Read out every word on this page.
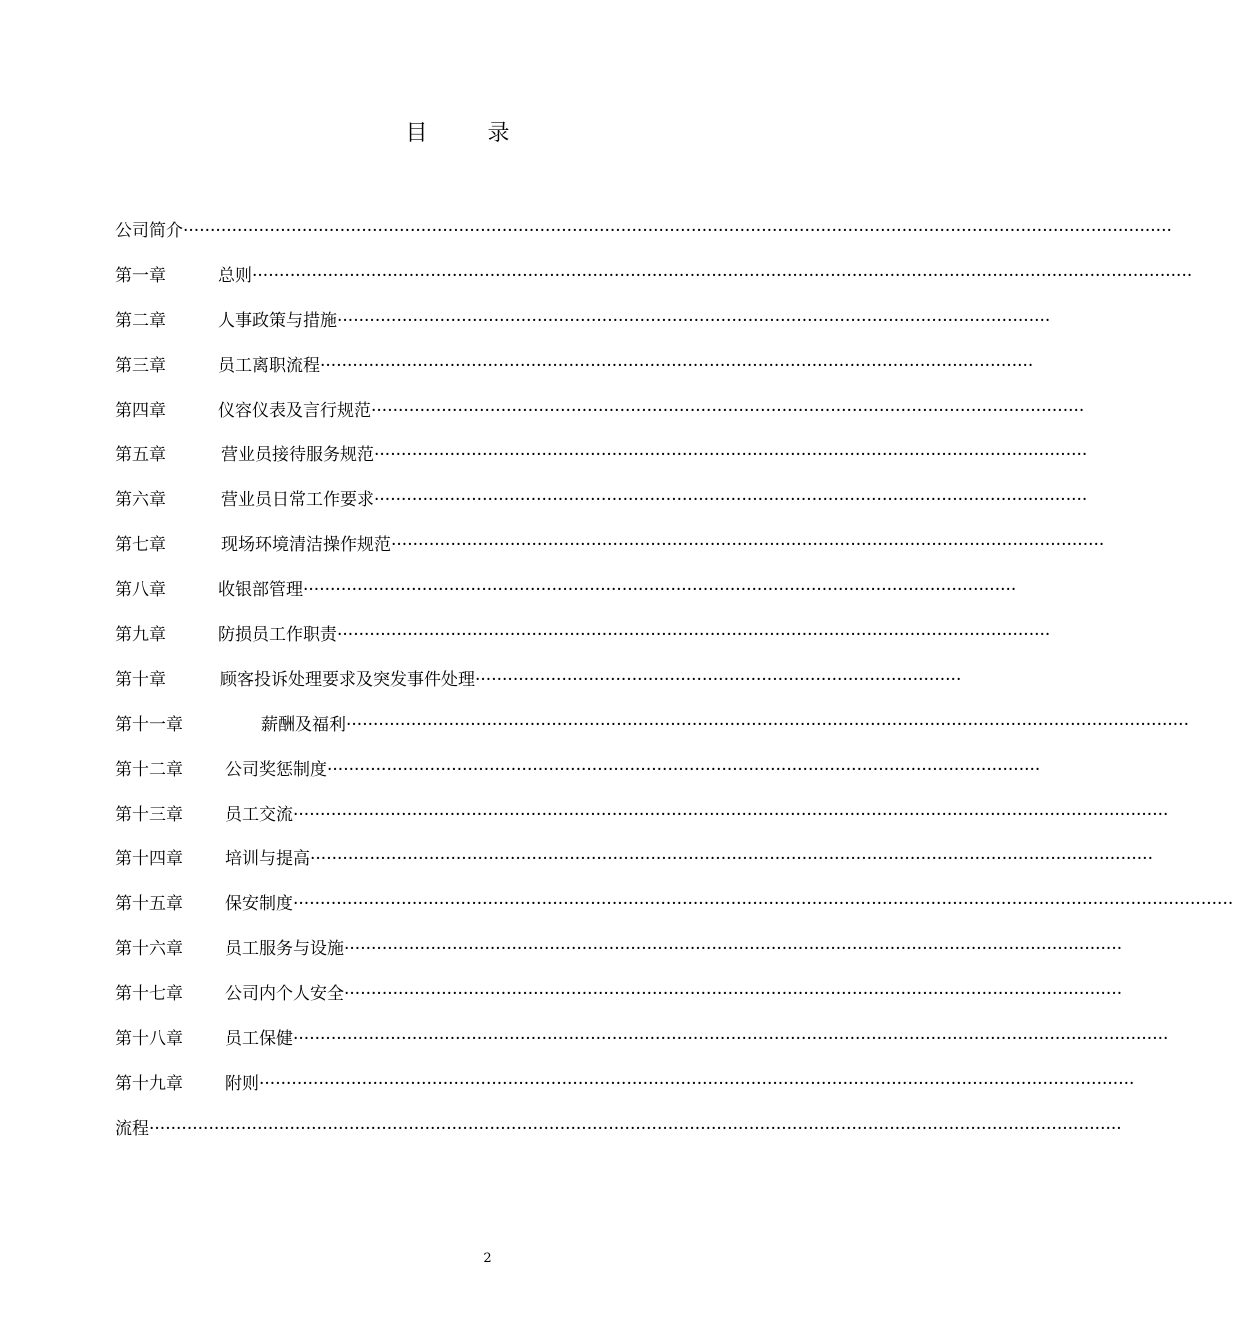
目录
公司简介·······················································································································································································
第一章	总则··············································································································································································
第二章	人事政策与措施····································································································································
第三章	员工离职流程····································································································································
第四章	仪容仪表及言行规范····································································································································
第五章	营业员接待服务规范····································································································································
第六章	营业员日常工作要求····································································································································
第七章	现场环境清洁操作规范····································································································································
第八章	收银部管理····································································································································
第九章	防损员工作职责····································································································································
第十章	顾客投诉处理要求及突发事件处理··························································································
第十一章	薪酬及福利····························································································································································
第十二章 公司奖惩制度····································································································································
第十三章 员工交流··································································································································································
第十四章 培训与提高····························································································································································
第十五章 保安制度··············································································································································································
第十六章 员工服务与设施················································································································································
第十七章 公司内个人安全················································································································································
第十八章 员工保健··································································································································································
第十九章 附则··································································································································································
流程····················································································································································································
2
